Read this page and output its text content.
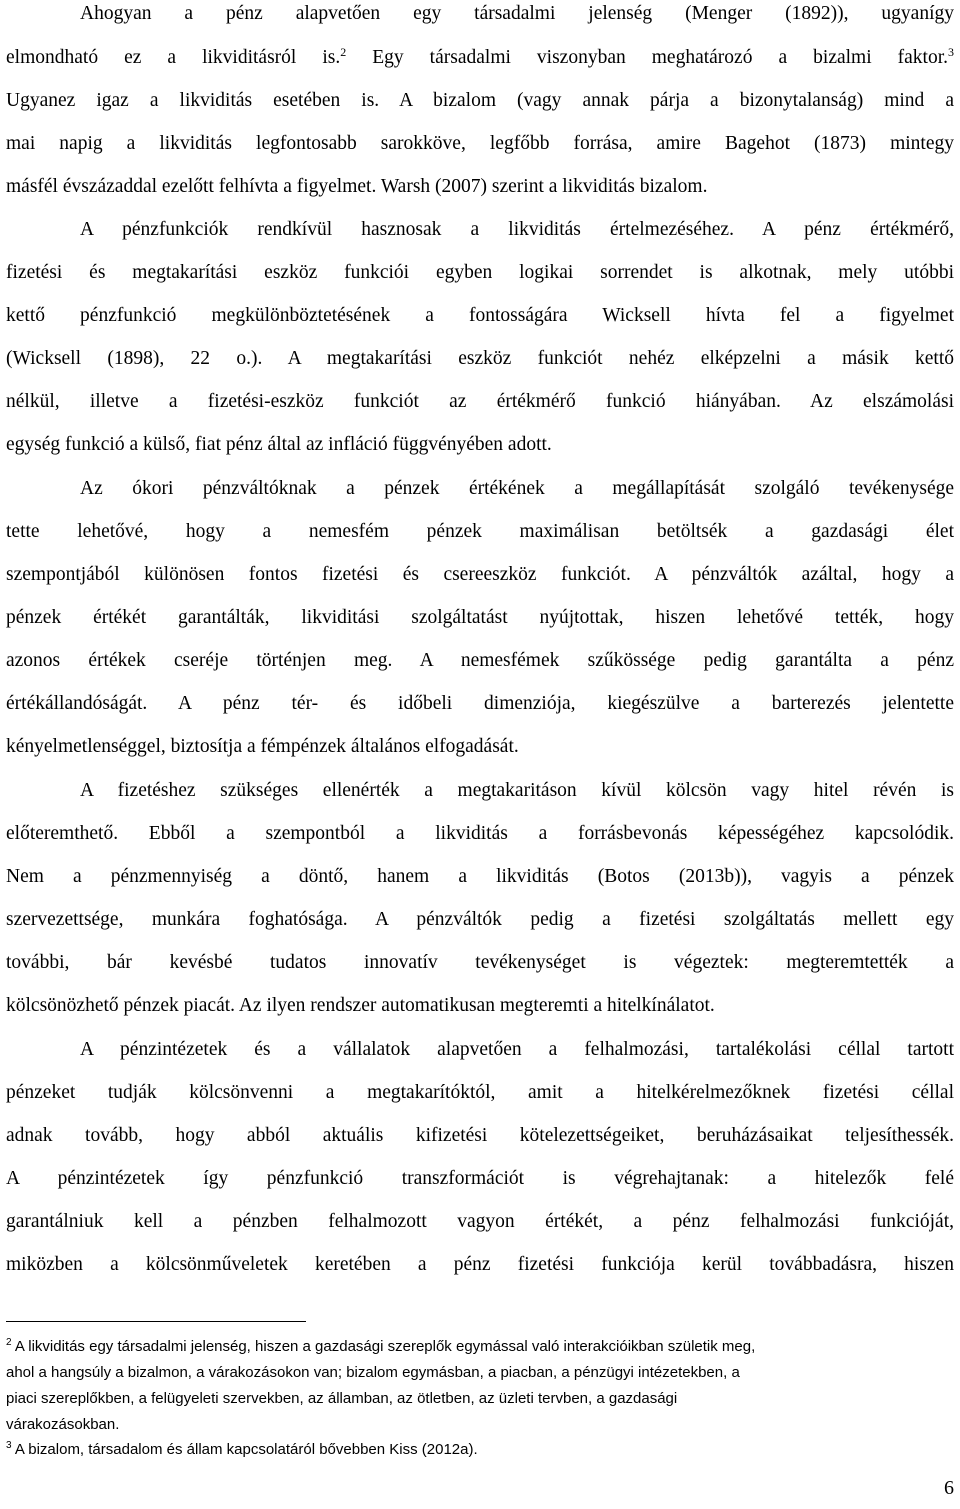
Ahogyan a pénz alapvetően egy társadalmi jelenség (Menger (1892)), ugyanígy
elmondható ez a likviditásról is.$^2$ Egy társadalmi viszonyban meghatározó a bizalmi faktor.$^3$
Ugyanez igaz a likviditás esetében is. A bizalom (vagy annak párja a bizonytalanság) mind a
mai napig a likviditás legfontosabb sarokköve, legfőbb forrása, amire Bagehot (1873) mintegy
másfél évszázaddal ezelőtt felhívta a figyelmet. Warsh (2007) szerint a likviditás bizalom.
A pénzfunkciók rendkívül hasznosak a likviditás értelmezéséhez. A pénz értékmérő,
fizetési és megtakarítási eszköz funkciói egyben logikai sorrendet is alkotnak, mely utóbbi
kettő pénzfunkció megkülönböztetésének a fontosságára Wicksell hívta fel a figyelmet
(Wicksell (1898), 22 o.). A megtakarítási eszköz funkciót nehéz elképzelni a másik kettő
nélkül, illetve a fizetési-eszköz funkciót az értékmérő funkció hiányában. Az elszámolási
egység funkció a külső, fiat pénz által az infláció függvényében adott.
Az ókori pénzváltóknak a pénzek értékének a megállapítását szolgáló tevékenysége
tette lehetővé, hogy a nemesfém pénzek maximálisan betöltsék a gazdasági élet
szempontjából különösen fontos fizetési és csereeszköz funkciót. A pénzváltók azáltal, hogy a
pénzek értékét garantálták, likviditási szolgáltatást nyújtottak, hiszen lehetővé tették, hogy
azonos értékek cseréje történjen meg. A nemesfémek szűkössége pedig garantálta a pénz
értékállandóságát. A pénz tér- és időbeli dimenziója, kiegészülve a barterezés jelentette
kényelmetlenséggel, biztosítja a fémpénzek általános elfogadását.
A fizetéshez szükséges ellenérték a megtakaritáson kívül kölcsön vagy hitel révén is
előteremthető. Ebből a szempontból a likviditás a forrásbevonás képességéhez kapcsolódik.
Nem a pénzmennyiség a döntő, hanem a likviditás (Botos (2013b)), vagyis a pénzek
szervezettsége, munkára foghatósága. A pénzváltók pedig a fizetési szolgáltatás mellett egy
további, bár kevésbé tudatos innovatív tevékenységet is végeztek: megteremtették a
kölcsönözhető pénzek piacát. Az ilyen rendszer automatikusan megteremti a hitelkínálatot.
A pénzintézetek és a vállalatok alapvetően a felhalmozási, tartalékolási céllal tartott
pénzeket tudják kölcsönvenni a megtakarítóktól, amit a hitelkérelmezőknek fizetési céllal
adnak tovább, hogy abból aktuális kifizetési kötelezettségeiket, beruházásaikat teljesíthessék.
A pénzintézetek így pénzfunkció transzformációt is végrehajtanak: a hitelezők felé
garantálniuk kell a pénzben felhalmozott vagyon értékét, a pénz felhalmozási funkcióját,
miközben a kölcsönműveletek keretében a pénz fizetési funkciója kerül továbbadásra, hiszen
$^2$ A likviditás egy társadalmi jelenség, hiszen a gazdasági szereplők egymással való interakcióikban születik meg,
ahol a hangsúly a bizalmon, a várakozásokon van; bizalom egymásban, a piacban, a pénzügyi intézetekben, a
piaci szereplőkben, a felügyeleti szervekben, az államban, az ötletben, az üzleti tervben, a gazdasági
várakozásokban.
$^3$ A bizalom, társadalom és állam kapcsolatáról bővebben Kiss (2012a).
6
